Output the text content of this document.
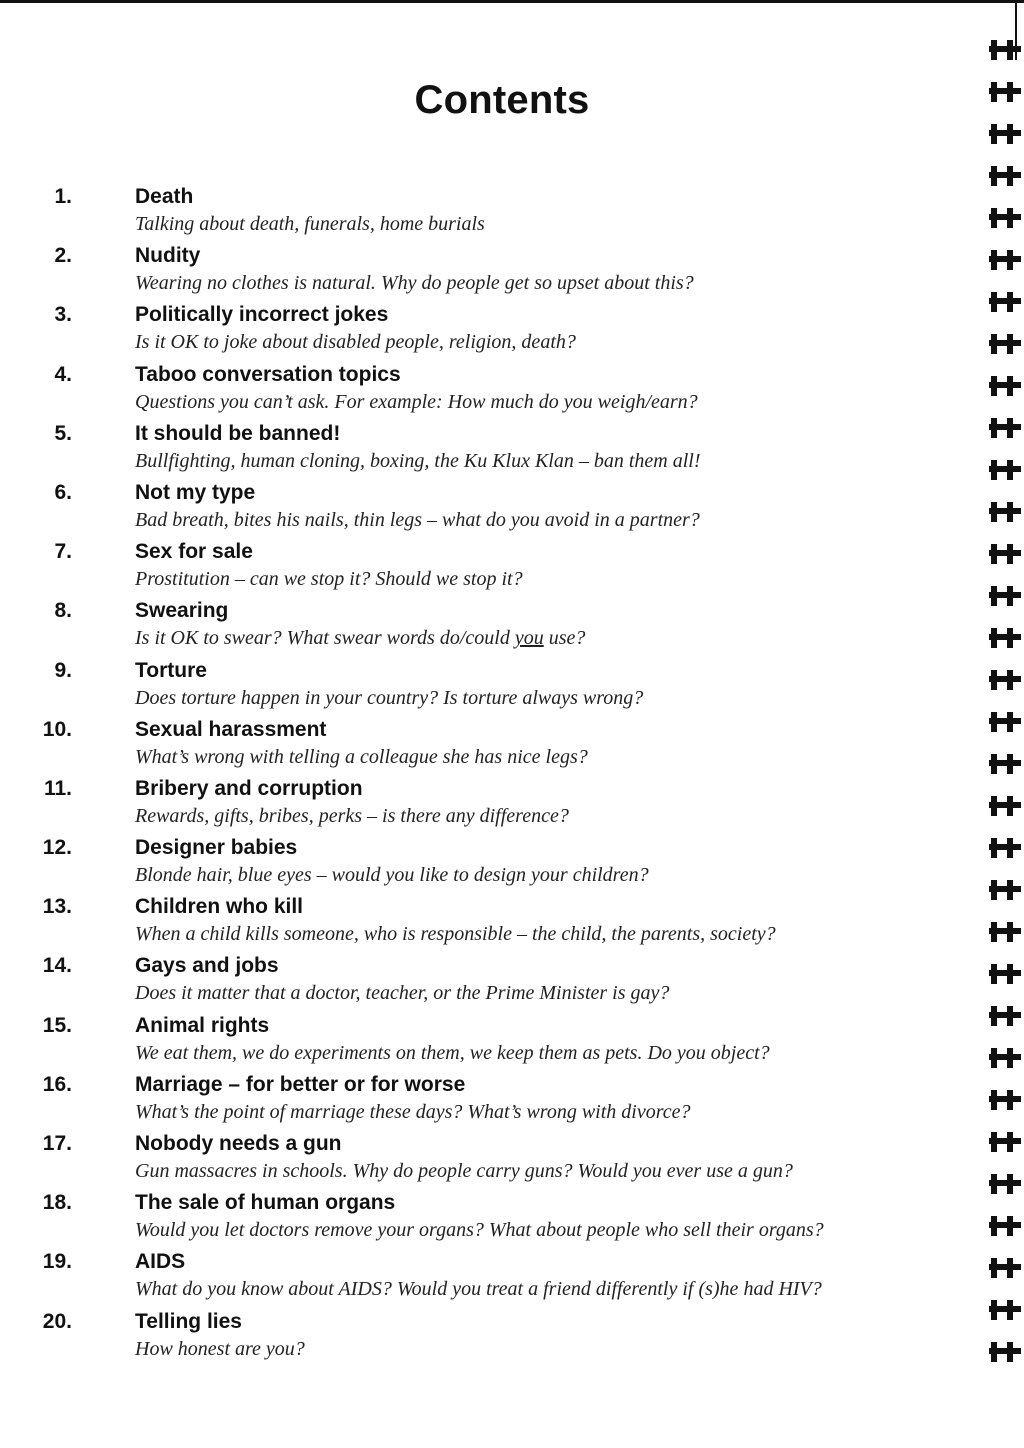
Contents
1.	Death
Talking about death, funerals, home burials
2.	Nudity
Wearing no clothes is natural. Why do people get so upset about this?
3.	Politically incorrect jokes
Is it OK to joke about disabled people, religion, death?
4.	Taboo conversation topics
Questions you can’t ask. For example: How much do you weigh/earn?
5.	It should be banned!
Bullfighting, human cloning, boxing, the Ku Klux Klan – ban them all!
6.	Not my type
Bad breath, bites his nails, thin legs – what do you avoid in a partner?
7.	Sex for sale
Prostitution – can we stop it? Should we stop it?
8.	Swearing
Is it OK to swear? What swear words do/could you use?
9.	Torture
Does torture happen in your country? Is torture always wrong?
10.	Sexual harassment
What’s wrong with telling a colleague she has nice legs?
11.	Bribery and corruption
Rewards, gifts, bribes, perks – is there any difference?
12.	Designer babies
Blonde hair, blue eyes – would you like to design your children?
13.	Children who kill
When a child kills someone, who is responsible – the child, the parents, society?
14.	Gays and jobs
Does it matter that a doctor, teacher, or the Prime Minister is gay?
15.	Animal rights
We eat them, we do experiments on them, we keep them as pets. Do you object?
16.	Marriage – for better or for worse
What’s the point of marriage these days? What’s wrong with divorce?
17.	Nobody needs a gun
Gun massacres in schools. Why do people carry guns? Would you ever use a gun?
18.	The sale of human organs
Would you let doctors remove your organs? What about people who sell their organs?
19.	AIDS
What do you know about AIDS? Would you treat a friend differently if (s)he had HIV?
20.	Telling lies
How honest are you?
